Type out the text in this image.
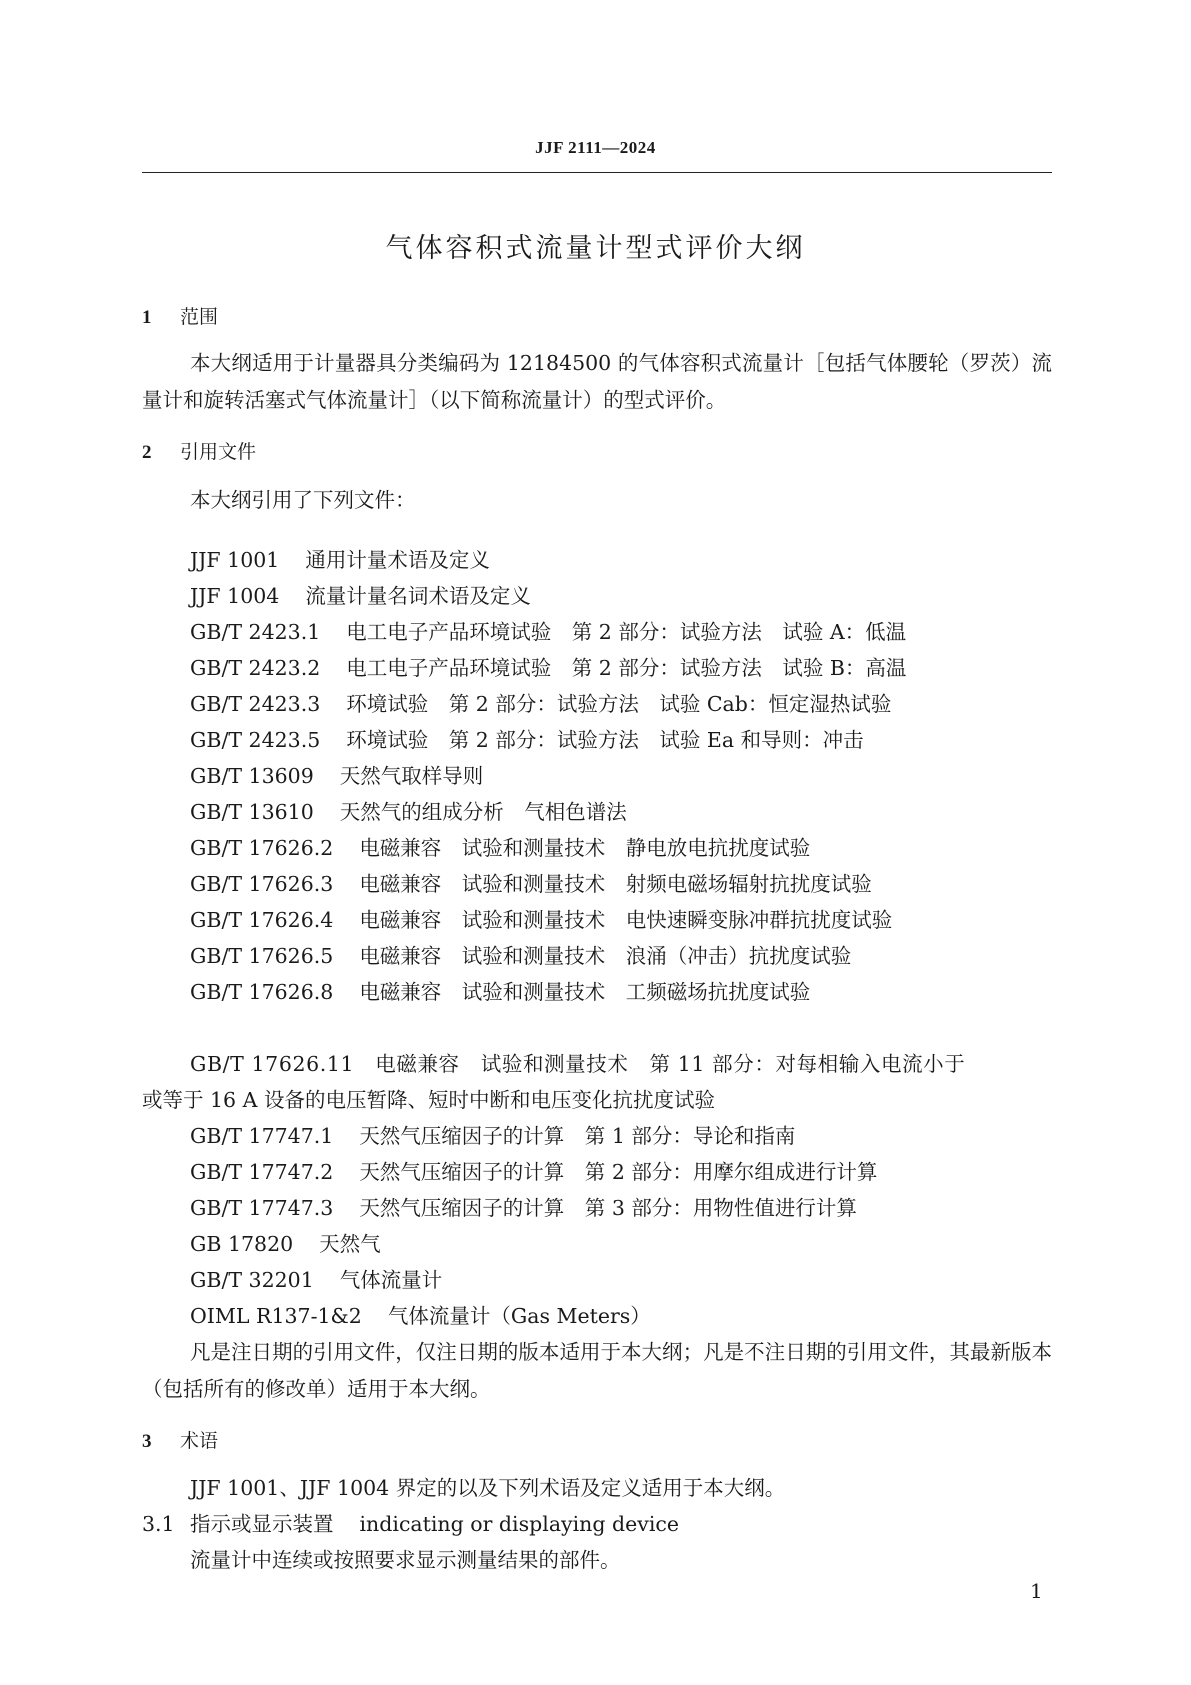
JJF 2111—2024
气体容积式流量计型式评价大纲
1 范围
本大纲适用于计量器具分类编码为 12184500 的气体容积式流量计［包括气体腰轮（罗茨）流量计和旋转活塞式气体流量计］（以下简称流量计）的型式评价。
2 引用文件
本大纲引用了下列文件：
JJF 1001 通用计量术语及定义
JJF 1004 流量计量名词术语及定义
GB/T 2423.1 电工电子产品环境试验　第 2 部分：试验方法　试验 A：低温
GB/T 2423.2 电工电子产品环境试验　第 2 部分：试验方法　试验 B：高温
GB/T 2423.3 环境试验　第 2 部分：试验方法　试验 Cab：恒定湿热试验
GB/T 2423.5 环境试验　第 2 部分：试验方法　试验 Ea 和导则：冲击
GB/T 13609 天然气取样导则
GB/T 13610 天然气的组成分析　气相色谱法
GB/T 17626.2 电磁兼容　试验和测量技术　静电放电抗扰度试验
GB/T 17626.3 电磁兼容　试验和测量技术　射频电磁场辐射抗扰度试验
GB/T 17626.4 电磁兼容　试验和测量技术　电快速瞬变脉冲群抗扰度试验
GB/T 17626.5 电磁兼容　试验和测量技术　浪涌（冲击）抗扰度试验
GB/T 17626.8 电磁兼容　试验和测量技术　工频磁场抗扰度试验
GB/T 17626.11　电磁兼容　试验和测量技术　第 11 部分：对每相输入电流小于
或等于 16 A 设备的电压暂降、短时中断和电压变化抗扰度试验
GB/T 17747.1 天然气压缩因子的计算　第 1 部分：导论和指南
GB/T 17747.2 天然气压缩因子的计算　第 2 部分：用摩尔组成进行计算
GB/T 17747.3 天然气压缩因子的计算　第 3 部分：用物性值进行计算
GB 17820 天然气
GB/T 32201 气体流量计
OIML R137-1&2 气体流量计（Gas Meters）
凡是注日期的引用文件，仅注日期的版本适用于本大纲；凡是不注日期的引用文件，其最新版本（包括所有的修改单）适用于本大纲。
3 术语
JJF 1001、JJF 1004 界定的以及下列术语及定义适用于本大纲。
3.1 指示或显示装置 indicating or displaying device
流量计中连续或按照要求显示测量结果的部件。
1
